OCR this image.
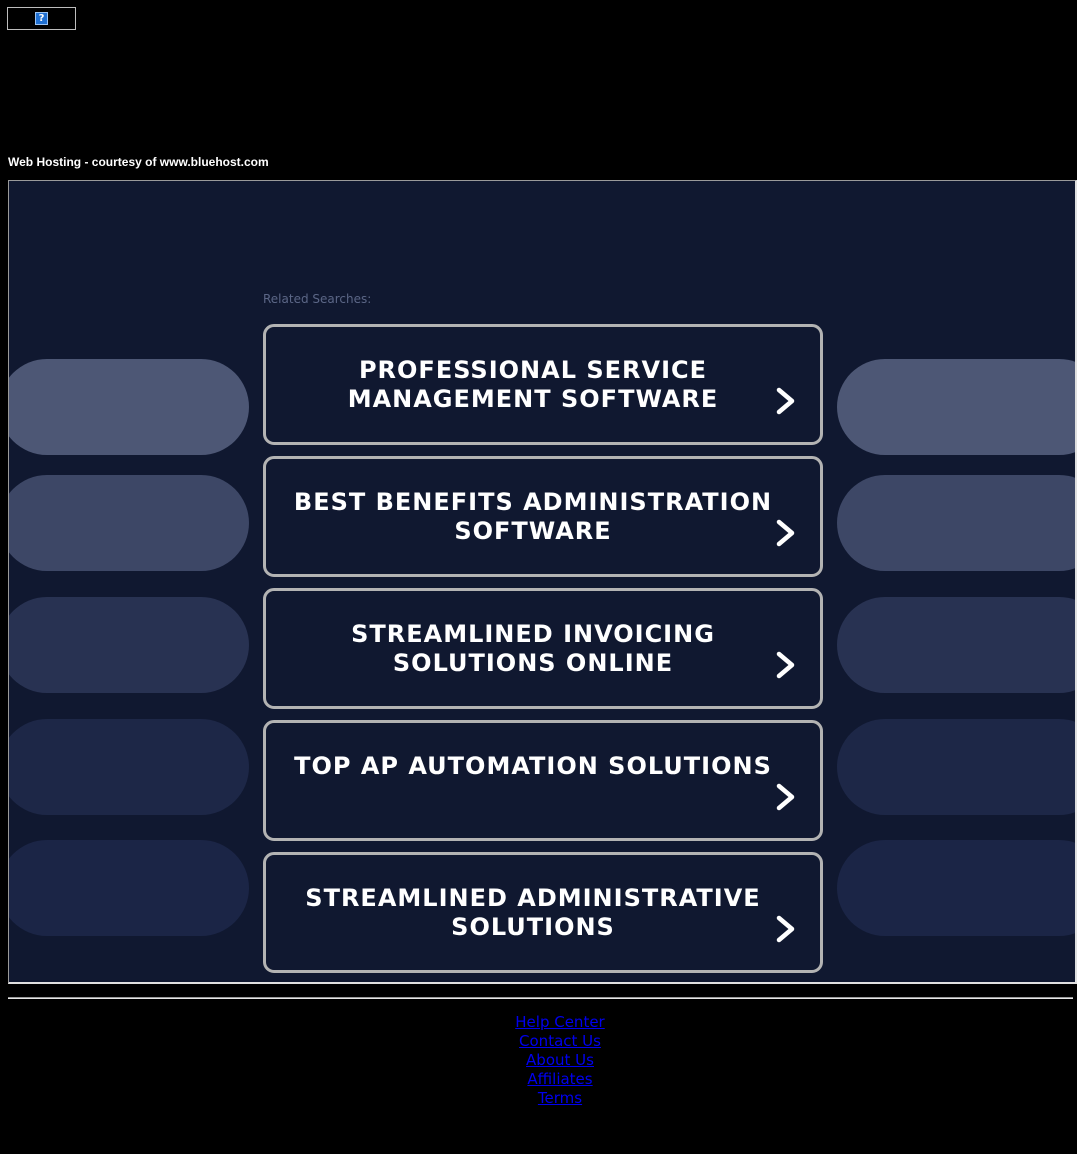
?
Web Hosting - courtesy of www.bluehost.com
Related Searches:
PROFESSIONAL SERVICE MANAGEMENT SOFTWARE
BEST BENEFITS ADMINISTRATION SOFTWARE
STREAMLINED INVOICING SOLUTIONS ONLINE
TOP AP AUTOMATION SOLUTIONS
STREAMLINED ADMINISTRATIVE SOLUTIONS
Help Center
Contact Us
About Us
Affiliates
Terms
